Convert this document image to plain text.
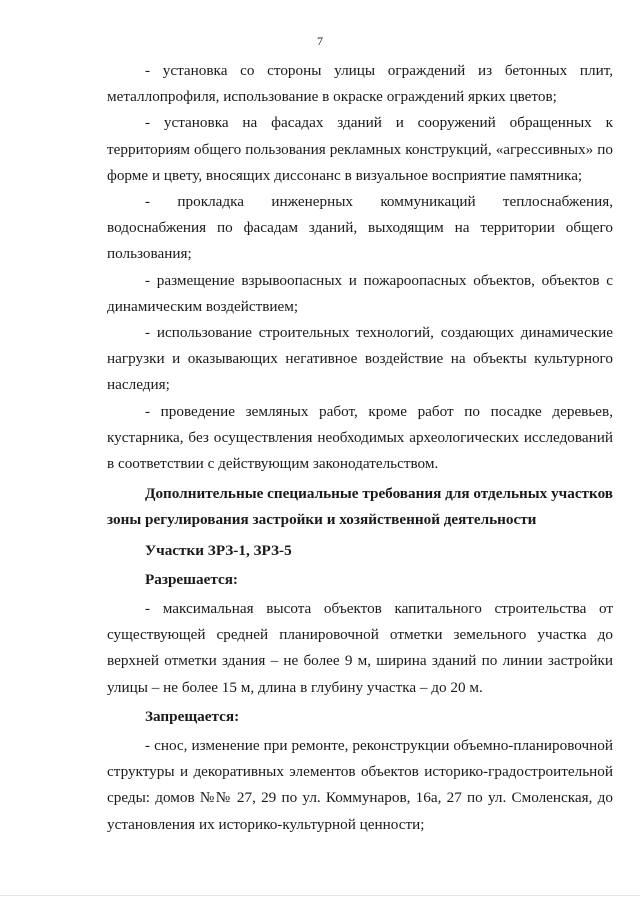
7

- установка со стороны улицы ограждений из бетонных плит, металлопрофиля, использование в окраске ограждений ярких цветов;

- установка на фасадах зданий и сооружений обращенных к территориям общего пользования рекламных конструкций, «агрессивных» по форме и цвету, вносящих диссонанс в визуальное восприятие памятника;

- прокладка инженерных коммуникаций теплоснабжения, водоснабжения по фасадам зданий, выходящим на территории общего пользования;

- размещение взрывоопасных и пожароопасных объектов, объектов с динамическим воздействием;

- использование строительных технологий, создающих динамические нагрузки и оказывающих негативное воздействие на объекты культурного наследия;

- проведение земляных работ, кроме работ по посадке деревьев, кустарника, без осуществления необходимых археологических исследований в соответствии с действующим законодательством.

Дополнительные специальные требования для отдельных участков зоны регулирования застройки и хозяйственной деятельности

Участки ЗРЗ-1, ЗРЗ-5

Разрешается:

- максимальная высота объектов капитального строительства от существующей средней планировочной отметки земельного участка до верхней отметки здания – не более 9 м, ширина зданий по линии застройки улицы – не более 15 м, длина в глубину участка – до 20 м.

Запрещается:

- снос, изменение при ремонте, реконструкции объемно-планировочной структуры и декоративных элементов объектов историко-градостроительной среды: домов №№ 27, 29 по ул. Коммунаров, 16а, 27 по ул. Смоленская, до установления их историко-культурной ценности;
